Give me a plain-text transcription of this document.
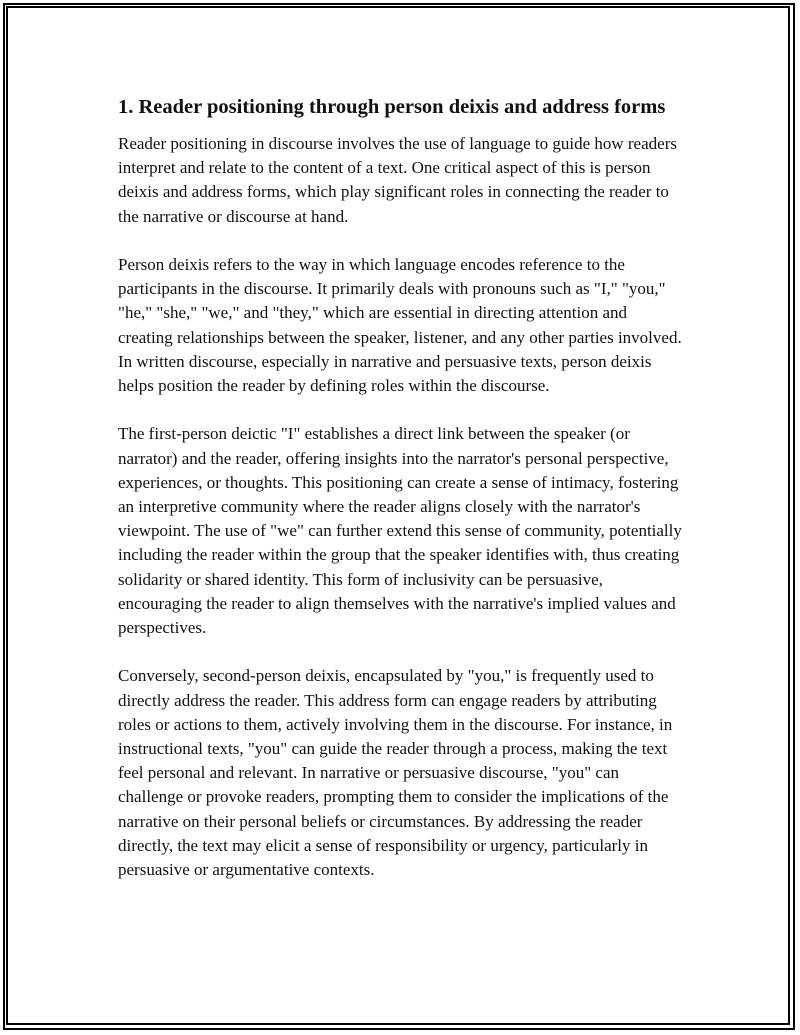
1. Reader positioning through person deixis and address forms

Reader positioning in discourse involves the use of language to guide how readers interpret and relate to the content of a text. One critical aspect of this is person deixis and address forms, which play significant roles in connecting the reader to the narrative or discourse at hand.

Person deixis refers to the way in which language encodes reference to the participants in the discourse. It primarily deals with pronouns such as "I," "you," "he," "she," "we," and "they," which are essential in directing attention and creating relationships between the speaker, listener, and any other parties involved. In written discourse, especially in narrative and persuasive texts, person deixis helps position the reader by defining roles within the discourse.

The first-person deictic "I" establishes a direct link between the speaker (or narrator) and the reader, offering insights into the narrator's personal perspective, experiences, or thoughts. This positioning can create a sense of intimacy, fostering an interpretive community where the reader aligns closely with the narrator's viewpoint. The use of "we" can further extend this sense of community, potentially including the reader within the group that the speaker identifies with, thus creating solidarity or shared identity. This form of inclusivity can be persuasive, encouraging the reader to align themselves with the narrative's implied values and perspectives.

Conversely, second-person deixis, encapsulated by "you," is frequently used to directly address the reader. This address form can engage readers by attributing roles or actions to them, actively involving them in the discourse. For instance, in instructional texts, "you" can guide the reader through a process, making the text feel personal and relevant. In narrative or persuasive discourse, "you" can challenge or provoke readers, prompting them to consider the implications of the narrative on their personal beliefs or circumstances. By addressing the reader directly, the text may elicit a sense of responsibility or urgency, particularly in persuasive or argumentative contexts.
